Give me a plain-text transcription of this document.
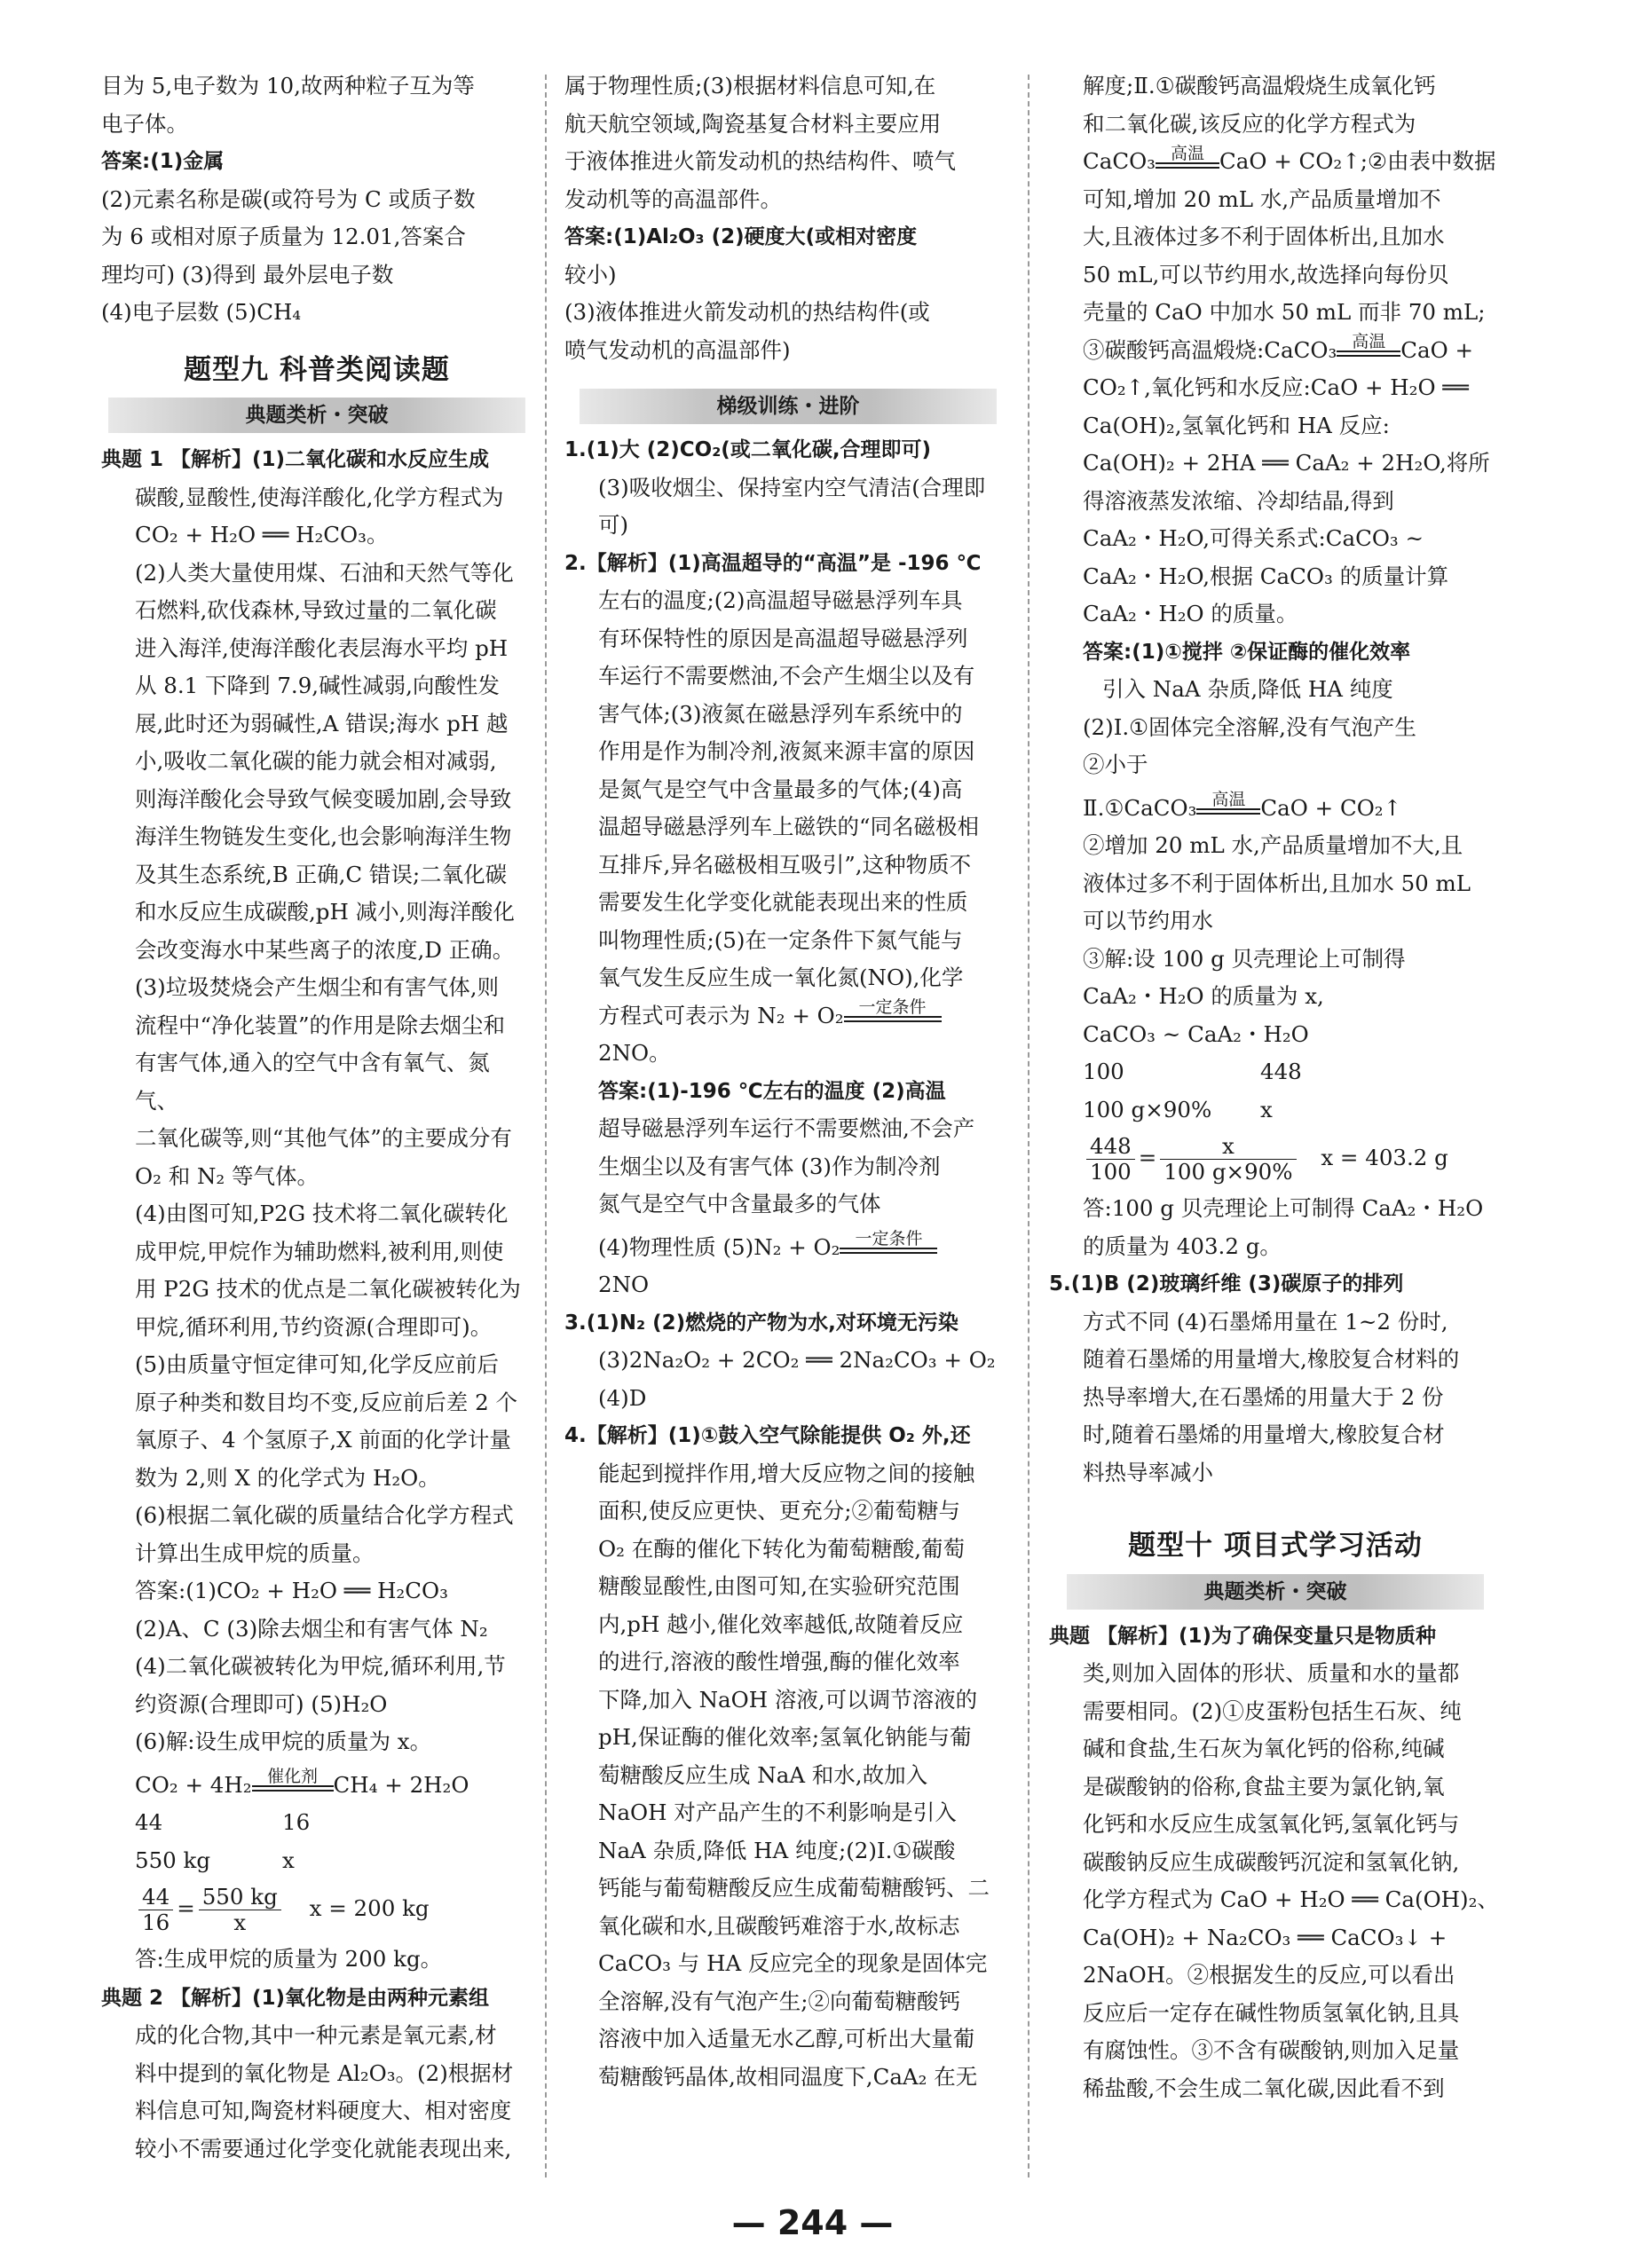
目为 5,电子数为 10,故两种粒子互为等

电子体。

答案:(1)金属

(2)元素名称是碳(或符号为 C 或质子数

为 6 或相对原子质量为 12.01,答案合

理均可) (3)得到 最外层电子数

(4)电子层数 (5)CH₄

题型九 科普类阅读题
典题类析・突破

典题 1 【解析】(1)二氧化碳和水反应生成

碳酸,显酸性,使海洋酸化,化学方程式为

CO₂ + H₂O ══ H₂CO₃。

(2)人类大量使用煤、石油和天然气等化

石燃料,砍伐森林,导致过量的二氧化碳

进入海洋,使海洋酸化表层海水平均 pH

从 8.1 下降到 7.9,碱性减弱,向酸性发

展,此时还为弱碱性,A 错误;海水 pH 越

小,吸收二氧化碳的能力就会相对减弱,

则海洋酸化会导致气候变暖加剧,会导致

海洋生物链发生变化,也会影响海洋生物

及其生态系统,B 正确,C 错误;二氧化碳

和水反应生成碳酸,pH 减小,则海洋酸化

会改变海水中某些离子的浓度,D 正确。

(3)垃圾焚烧会产生烟尘和有害气体,则

流程中“净化装置”的作用是除去烟尘和

有害气体,通入的空气中含有氧气、氮气、

二氧化碳等,则“其他气体”的主要成分有

O₂ 和 N₂ 等气体。

(4)由图可知,P2G 技术将二氧化碳转化

成甲烷,甲烷作为辅助燃料,被利用,则使

用 P2G 技术的优点是二氧化碳被转化为

甲烷,循环利用,节约资源(合理即可)。

(5)由质量守恒定律可知,化学反应前后

原子种类和数目均不变,反应前后差 2 个

氧原子、4 个氢原子,X 前面的化学计量

数为 2,则 X 的化学式为 H₂O。

(6)根据二氧化碳的质量结合化学方程式

计算出生成甲烷的质量。

答案:(1)CO₂ + H₂O ══ H₂CO₃

(2)A、C (3)除去烟尘和有害气体 N₂

(4)二氧化碳被转化为甲烷,循环利用,节

约资源(合理即可) (5)H₂O

(6)解:设生成甲烷的质量为 x。

CO₂ + 4H₂ 催化剂 CH₄ + 2H₂O

44	16

550 kg	x

$\frac{44}{16} = \frac{550 kg}{x}$ x = 200 kg

答:生成甲烷的质量为 200 kg。

典题 2 【解析】(1)氧化物是由两种元素组

成的化合物,其中一种元素是氧元素,材

料中提到的氧化物是 Al₂O₃。(2)根据材

料信息可知,陶瓷材料硬度大、相对密度

较小不需要通过化学变化就能表现出来,

属于物理性质;(3)根据材料信息可知,在

航天航空领域,陶瓷基复合材料主要应用

于液体推进火箭发动机的热结构件、喷气

发动机等的高温部件。

答案:(1)Al₂O₃ (2)硬度大(或相对密度

较小)

(3)液体推进火箭发动机的热结构件(或

喷气发动机的高温部件)

梯级训练・进阶

1.(1)大 (2)CO₂(或二氧化碳,合理即可)

(3)吸收烟尘、保持室内空气清洁(合理即

可)

2.【解析】(1)高温超导的“高温”是 -196 ℃

左右的温度;(2)高温超导磁悬浮列车具

有环保特性的原因是高温超导磁悬浮列

车运行不需要燃油,不会产生烟尘以及有

害气体;(3)液氮在磁悬浮列车系统中的

作用是作为制冷剂,液氮来源丰富的原因

是氮气是空气中含量最多的气体;(4)高

温超导磁悬浮列车上磁铁的“同名磁极相

互排斥,异名磁极相互吸引”,这种物质不

需要发生化学变化就能表现出来的性质

叫物理性质;(5)在一定条件下氮气能与

氧气发生反应生成一氧化氮(NO),化学

方程式可表示为 N₂ + O₂ 一定条件

2NO。

答案:(1)-196 ℃左右的温度 (2)高温

超导磁悬浮列车运行不需要燃油,不会产

生烟尘以及有害气体 (3)作为制冷剂

氮气是空气中含量最多的气体

(4)物理性质 (5)N₂ + O₂ 一定条件

2NO

3.(1)N₂ (2)燃烧的产物为水,对环境无污染

(3)2Na₂O₂ + 2CO₂ ══ 2Na₂CO₃ + O₂

(4)D

4.【解析】(1)①鼓入空气除能提供 O₂ 外,还

能起到搅拌作用,增大反应物之间的接触

面积,使反应更快、更充分;②葡萄糖与

O₂ 在酶的催化下转化为葡萄糖酸,葡萄

糖酸显酸性,由图可知,在实验研究范围

内,pH 越小,催化效率越低,故随着反应

的进行,溶液的酸性增强,酶的催化效率

下降,加入 NaOH 溶液,可以调节溶液的

pH,保证酶的催化效率;氢氧化钠能与葡

萄糖酸反应生成 NaA 和水,故加入

NaOH 对产品产生的不利影响是引入

NaA 杂质,降低 HA 纯度;(2)Ⅰ.①碳酸

钙能与葡萄糖酸反应生成葡萄糖酸钙、二

氧化碳和水,且碳酸钙难溶于水,故标志

CaCO₃ 与 HA 反应完全的现象是固体完

全溶解,没有气泡产生;②向葡萄糖酸钙

溶液中加入适量无水乙醇,可析出大量葡

萄糖酸钙晶体,故相同温度下,CaA₂ 在无

解度;Ⅱ.①碳酸钙高温煅烧生成氧化钙

和二氧化碳,该反应的化学方程式为

CaCO₃ 高温 CaO + CO₂↑;②由表中数据

可知,增加 20 mL 水,产品质量增加不

大,且液体过多不利于固体析出,且加水

50 mL,可以节约用水,故选择向每份贝

壳量的 CaO 中加水 50 mL 而非 70 mL;

③碳酸钙高温煅烧:CaCO₃ 高温 CaO +

CO₂↑,氧化钙和水反应:CaO + H₂O ══

Ca(OH)₂,氢氧化钙和 HA 反应:

Ca(OH)₂ + 2HA ══ CaA₂ + 2H₂O,将所

得溶液蒸发浓缩、冷却结晶,得到

CaA₂・H₂O,可得关系式:CaCO₃ ~

CaA₂・H₂O,根据 CaCO₃ 的质量计算

CaA₂・H₂O 的质量。

答案:(1)①搅拌 ②保证酶的催化效率

引入 NaA 杂质,降低 HA 纯度

(2)Ⅰ.①固体完全溶解,没有气泡产生

②小于

Ⅱ.①CaCO₃ 高温 CaO + CO₂↑

②增加 20 mL 水,产品质量增加不大,且

液体过多不利于固体析出,且加水 50 mL

可以节约用水

③解:设 100 g 贝壳理论上可制得

CaA₂・H₂O 的质量为 x,

CaCO₃ ~ CaA₂・H₂O

100	448

100 g×90% x

$\frac{448}{100} = \frac{x}{100 g\times 90\%}$ x = 403.2 g

答:100 g 贝壳理论上可制得 CaA₂・H₂O

的质量为 403.2 g。

5.(1)B (2)玻璃纤维 (3)碳原子的排列

方式不同 (4)石墨烯用量在 1~2 份时,

随着石墨烯的用量增大,橡胶复合材料的

热导率增大,在石墨烯的用量大于 2 份

时,随着石墨烯的用量增大,橡胶复合材

料热导率减小

题型十 项目式学习活动
典题类析・突破

典题 【解析】(1)为了确保变量只是物质种

类,则加入固体的形状、质量和水的量都

需要相同。(2)①皮蛋粉包括生石灰、纯

碱和食盐,生石灰为氧化钙的俗称,纯碱

是碳酸钠的俗称,食盐主要为氯化钠,氧

化钙和水反应生成氢氧化钙,氢氧化钙与

碳酸钠反应生成碳酸钙沉淀和氢氧化钠,

化学方程式为 CaO + H₂O ══ Ca(OH)₂、

Ca(OH)₂ + Na₂CO₃ ══ CaCO₃↓ +

2NaOH。②根据发生的反应,可以看出

反应后一定存在碱性物质氢氧化钠,且具

有腐蚀性。③不含有碳酸钠,则加入足量

稀盐酸,不会生成二氧化碳,因此看不到

— 244 —
